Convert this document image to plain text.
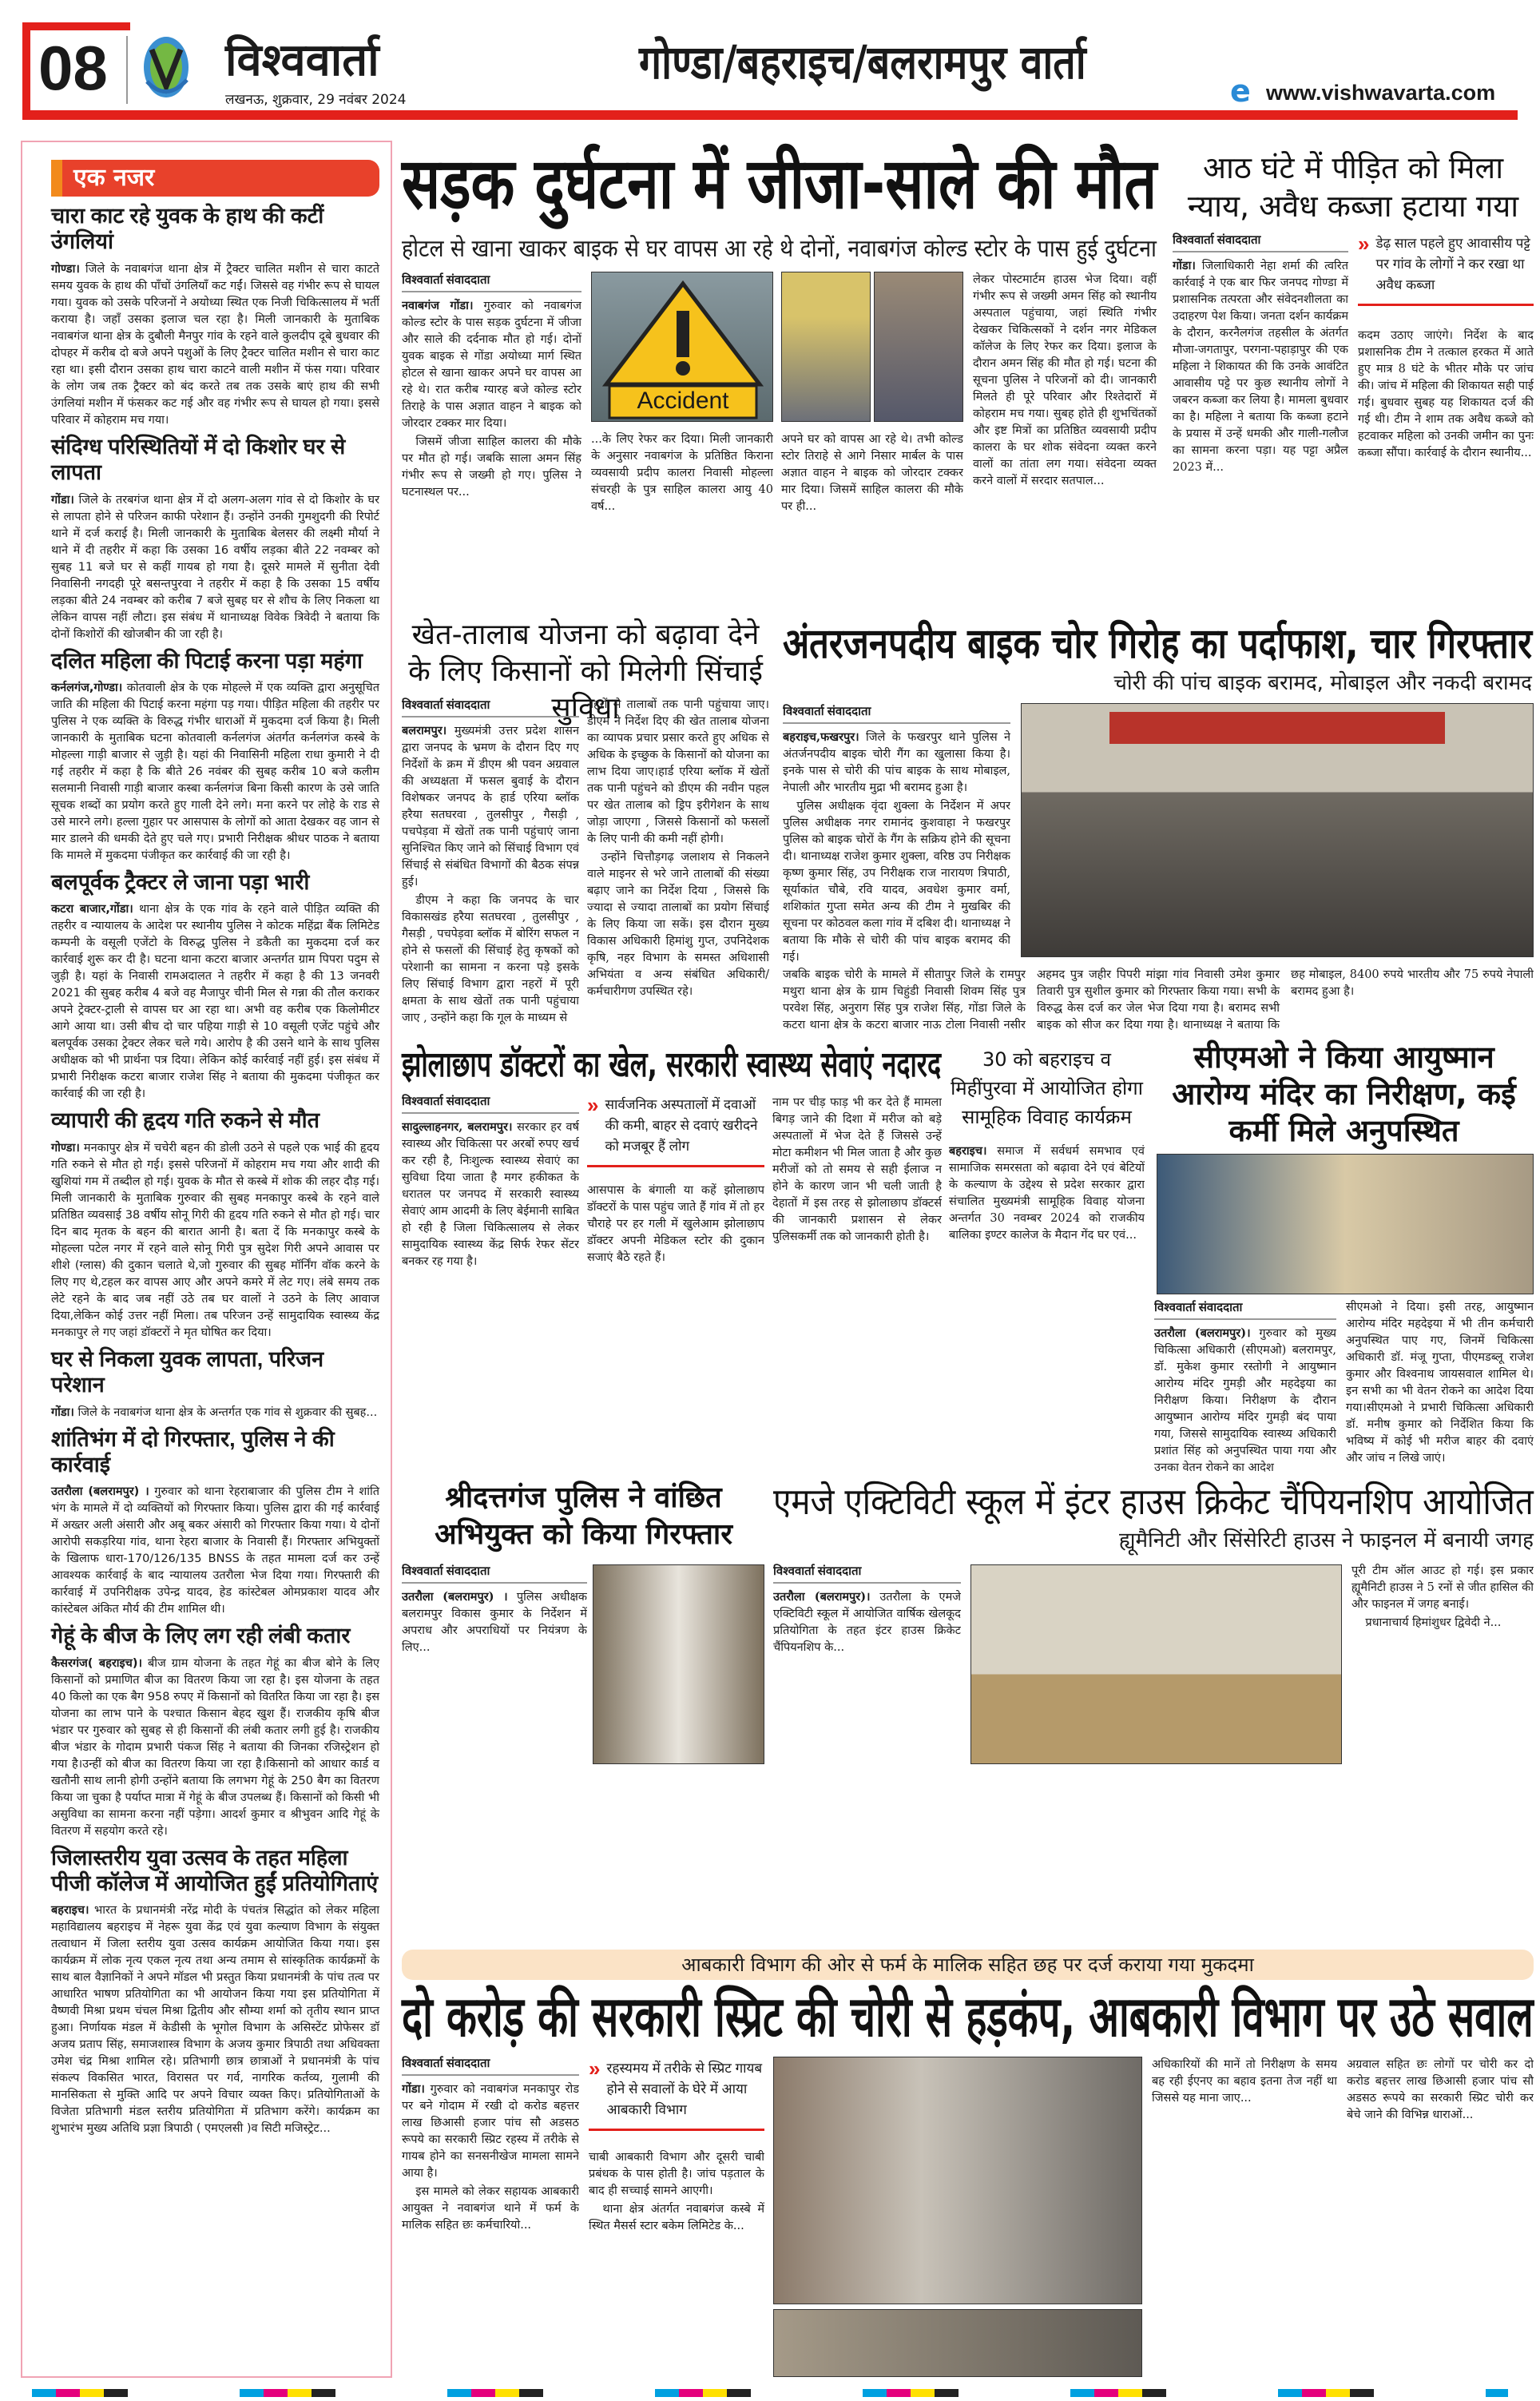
08	विश्ववार्ता
लखनऊ, शुक्रवार, 29 नवंबर 2024
गोण्डा/बहराइच/बलरामपुर वार्ता
e www.vishwavarta.com
एक नजर
चारा काट रहे युवक के हाथ की कटीं उंगलियां
गोण्डा। जिले के नवाबगंज थाना क्षेत्र में ट्रैक्टर चालित मशीन से चारा काटते समय युवक के हाथ की पाँचों उंगलियाँ कट गईं। जिससे वह गंभीर रूप से घायल गया। युवक को उसके परिजनों ने अयोध्या स्थित एक निजी चिकित्सालय में भर्ती कराया है। जहाँ उसका इलाज चल रहा है। मिली जानकारी के मुताबिक नवाबगंज थाना क्षेत्र के दुबौली मैनपुर गांव के रहने वाले कुलदीप दूबे बुधवार की दोपहर में करीब दो बजे अपने पशुओं के लिए ट्रैक्टर चालित मशीन से चारा काट रहा था। इसी दौरान उसका हाथ चारा काटने वाली मशीन में फंस गया। परिवार के लोग जब तक ट्रैक्टर को बंद करते तब तक उसके बाएं हाथ की सभी उंगलियां मशीन में फंसकर कट गई और वह गंभीर रूप से घायल हो गया। इससे परिवार में कोहराम मच गया।
संदिग्ध परिस्थितियों में दो किशोर घर से लापता
गोंडा। जिले के तरबगंज थाना क्षेत्र में दो अलग-अलग गांव से दो किशोर के घर से लापता होने से परिजन काफी परेशान हैं। उन्होंने उनकी गुमशुदगी की रिपोर्ट थाने में दर्ज कराई है। मिली जानकारी के मुताबिक बेलसर की लक्ष्मी मौर्या ने थाने में दी तहरीर में कहा कि उसका 16 वर्षीय लड़का बीते 22 नवम्बर को सुबह 11 बजे घर से कहीं गायब हो गया है। दूसरे मामले में सुनीता देवी निवासिनी नगदही पूरे बसन्तपुरवा ने तहरीर में कहा है कि उसका 15 वर्षीय लड़का बीते 24 नवम्बर को करीब 7 बजे सुबह घर से शौच के लिए निकला था लेकिन वापस नहीं लौटा। इस संबंध में थानाध्यक्ष विवेक त्रिवेदी ने बताया कि दोनों किशोरों की खोजबीन की जा रही है।
दलित महिला की पिटाई करना पड़ा महंगा
कर्नलगंज,गोण्डा। कोतवाली क्षेत्र के एक मोहल्ले में एक व्यक्ति द्वारा अनुसूचित जाति की महिला की पिटाई करना महंगा पड़ गया। पीड़ित महिला की तहरीर पर पुलिस ने एक व्यक्ति के विरुद्ध गंभीर धाराओं में मुकदमा दर्ज किया है। मिली जानकारी के मुताबिक घटना कोतवाली कर्नलगंज अंतर्गत कर्नलगंज कस्बे के मोहल्ला गाड़ी बाजार से जुड़ी है। यहां की निवासिनी महिला राधा कुमारी ने दी गई तहरीर में कहा है कि बीते 26 नवंबर की सुबह करीब 10 बजे कलीम सलमानी निवासी गाड़ी बाजार कस्बा कर्नलगंज बिना किसी कारण के उसे जाति सूचक शब्दों का प्रयोग करते हुए गाली देने लगे। मना करने पर लोहे के राड से उसे मारने लगे। हल्ला गुहार पर आसपास के लोगों को आता देखकर वह जान से मार डालने की धमकी देते हुए चले गए। प्रभारी निरीक्षक श्रीधर पाठक ने बताया कि मामले में मुकदमा पंजीकृत कर कार्रवाई की जा रही है।
बलपूर्वक ट्रैक्टर ले जाना पड़ा भारी
कटरा बाजार,गोंडा। थाना क्षेत्र के एक गांव के रहने वाले पीड़ित व्यक्ति की तहरीर व न्यायालय के आदेश पर स्थानीय पुलिस ने कोटक महिंद्रा बैंक लिमिटेड कम्पनी के वसूली एजेंटो के विरुद्ध पुलिस ने डकैती का मुकदमा दर्ज कर कार्रवाई शुरू कर दी है। घटना थाना कटरा बाजार अन्तर्गत ग्राम पिपरा पदुम से जुड़ी है। यहां के निवासी रामअदालत ने तहरीर में कहा है की 13 जनवरी 2021 की सुबह करीब 4 बजे वह मैजापुर चीनी मिल से गन्ना की तौल कराकर अपने ट्रेक्टर-ट्राली से वापस घर आ रहा था। अभी वह करीब एक किलोमीटर आगे आया था। उसी बीच दो चार पहिया गाड़ी से 10 वसूली एजेंट पहुंचे और बलपूर्वक उसका ट्रेक्टर लेकर चले गये। आरोप है की उसने थाने के साथ पुलिस अधीक्षक को भी प्रार्थना पत्र दिया। लेकिन कोई कार्रवाई नहीं हुई। इस संबंध में प्रभारी निरीक्षक कटरा बाजार राजेश सिंह ने बताया की मुकदमा पंजीकृत कर कार्रवाई की जा रही है।
व्यापारी की हृदय गति रुकने से मौत
गोण्डा। मनकापुर क्षेत्र में चचेरी बहन की डोली उठने से पहले एक भाई की हृदय गति रुकने से मौत हो गई। इससे परिजनों में कोहराम मच गया और शादी की खुशियां गम में तब्दील हो गई। युवक के मौत से कस्बे में शोक की लहर दौड़ गई। मिली जानकारी के मुताबिक गुरुवार की सुबह मनकापुर कस्बे के रहने वाले प्रतिष्ठित व्यवसाई 38 वर्षीय सोनू गिरी की हृदय गति रुकने से मौत हो गई। चार दिन बाद मृतक के बहन की बारात आनी है। बता दें कि मनकापुर कस्बे के मोहल्ला पटेल नगर में रहने वाले सोनू गिरी पुत्र सुदेश गिरी अपने आवास पर शीशे (ग्लास) की दुकान चलाते थे,जो गुरुवार की सुबह मॉर्निंग वॉक करने के लिए गए थे,टहल कर वापस आए और अपने कमरे में लेट गए। लंबे समय तक लेटे रहने के बाद जब नहीं उठे तब घर वालों ने उठने के लिए आवाज दिया,लेकिन कोई उत्तर नहीं मिला। तब परिजन उन्हें सामुदायिक स्वास्थ्य केंद्र मनकापुर ले गए जहां डॉक्टरों ने मृत घोषित कर दिया।
घर से निकला युवक लापता, परिजन परेशान
गोंडा। जिले के नवाबगंज थाना क्षेत्र के अन्तर्गत एक गांव से शुक्रवार की सुबह...
शांतिभंग में दो गिरफ्तार, पुलिस ने की कार्रवाई
उतरौला (बलरामपुर) । गुरुवार को थाना रेहराबाजार की पुलिस टीम ने शांति भंग के मामले में दो व्यक्तियों को गिरफ्तार किया। पुलिस द्वारा की गई कार्रवाई में अख्तर अली अंसारी और अबू बकर अंसारी को गिरफ्तार किया गया। ये दोनों आरोपी सकड़रिया गांव, थाना रेहरा बाजार के निवासी हैं। गिरफ्तार अभियुक्तों के खिलाफ धारा-170/126/135 BNSS के तहत मामला दर्ज कर उन्हें आवश्यक कार्रवाई के बाद न्यायालय उतरौला भेज दिया गया। गिरफ्तारी की कार्रवाई में उपनिरीक्षक उपेन्द्र यादव, हेड कांस्टेबल ओमप्रकाश यादव और कांस्टेबल अंकित मौर्य की टीम शामिल थी।
गेहूं के बीज के लिए लग रही लंबी कतार
कैसरगंज( बहराइच)। बीज ग्राम योजना के तहत गेहूं का बीज बोने के लिए किसानों को प्रमाणित बीज का वितरण किया जा रहा है। इस योजना के तहत 40 किलो का एक बैग 958 रुपए में किसानों को वितरित किया जा रहा है। इस योजना का लाभ पाने के पश्चात किसान बेहद खुश हैं। राजकीय कृषि बीज भंडार पर गुरुवार को सुबह से ही किसानों की लंबी कतार लगी हुई है। राजकीय बीज भंडार के गोदाम प्रभारी पंकज सिंह ने बताया की जिनका रजिस्ट्रेशन हो गया है।उन्हीं को बीज का वितरण किया जा रहा है।किसानो को आधार कार्ड व खतौनी साथ लानी होगी उन्होंने बताया कि लगभग गेहूं के 250 बैग का वितरण किया जा चुका है पर्याप्त मात्रा में गेहूं के बीज उपलब्ध हैं। किसानों को किसी भी असुविधा का सामना करना नहीं पड़ेगा। आदर्श कुमार व श्रीभुवन आदि गेहूं के वितरण में सहयोग करते रहे।
जिलास्तरीय युवा उत्सव के तहत महिला पीजी कॉलेज में आयोजित हुईं प्रतियोगिताएं
बहराइच। भारत के प्रधानमंत्री नरेंद्र मोदी के पंचतंत्र सिद्धांत को लेकर महिला महाविद्यालय बहराइच में नेहरू युवा केंद्र एवं युवा कल्याण विभाग के संयुक्त तत्वाधान में जिला स्तरीय युवा उत्सव कार्यक्रम आयोजित किया गया। इस कार्यक्रम में लोक नृत्य एकल नृत्य तथा अन्य तमाम से सांस्कृतिक कार्यक्रमों के साथ बाल वैज्ञानिकों ने अपने मॉडल भी प्रस्तुत किया प्रधानमंत्री के पांच तत्व पर आधारित भाषण प्रतियोगिता का भी आयोजन किया गया इस प्रतियोगिता में वैष्णवी मिश्रा प्रथम चंचल मिश्रा द्वितीय और सौम्या शर्मा को तृतीय स्थान प्राप्त हुआ। निर्णायक मंडल में केडीसी के भूगोल विभाग के असिस्टेंट प्रोफेसर डॉ अजय प्रताप सिंह, समाजशास्त्र विभाग के अजय कुमार त्रिपाठी तथा अधिवक्ता उमेश चंद्र मिश्रा शामिल रहे। प्रतिभागी छात्र छात्राओं ने प्रधानमंत्री के पांच संकल्प विकसित भारत, विरासत पर गर्व, नागरिक कर्तव्य, गुलामी की मानसिकता से मुक्ति आदि पर अपने विचार व्यक्त किए। प्रतियोगिताओं के विजेता प्रतिभागी मंडल स्तरीय प्रतियोगिता में प्रतिभाग करेंगे। कार्यक्रम का शुभारंभ मुख्य अतिथि प्रज्ञा त्रिपाठी ( एमएलसी )व सिटी मजिस्ट्रेट...
सड़क दुर्घटना में जीजा-साले की मौत
होटल से खाना खाकर बाइक से घर वापस आ रहे थे दोनों, नवाबगंज कोल्ड स्टोर के पास हुई दुर्घटना
विश्ववार्ता संवाददाता

नवाबगंज गोंडा। गुरुवार को नवाबगंज कोल्ड स्टोर के पास सड़क दुर्घटना में जीजा और साले की दर्दनाक मौत हो गई। दोनों युवक बाइक से गोंडा अयोध्या मार्ग स्थित होटल से खाना खाकर अपने घर वापस आ रहे थे। रात करीब ग्यारह बजे कोल्ड स्टोर तिराहे के पास अज्ञात वाहन ने बाइक को जोरदार टक्कर मार दिया।

जिसमें जीजा साहिल कालरा की मौके पर मौत हो गई। जबकि साला अमन सिंह गंभीर रूप से जख्मी हो गए। पुलिस ने घटनास्थल पर...

Accident

...के लिए रेफर कर दिया। मिली जानकारी के अनुसार नवाबगंज के प्रतिष्ठित किराना व्यवसायी प्रदीप कालरा निवासी मोहल्ला संचरही के पुत्र साहिल कालरा आयु 40 वर्ष...

अपने घर को वापस आ रहे थे। तभी कोल्ड स्टोर तिराहे से आगे निसार मार्बल के पास अज्ञात वाहन ने बाइक को जोरदार टक्कर मार दिया। जिसमें साहिल कालरा की मौके पर ही...

लेकर पोस्टमार्टम हाउस भेज दिया। वहीं गंभीर रूप से जख्मी अमन सिंह को स्थानीय अस्पताल पहुंचाया, जहां स्थिति गंभीर देखकर चिकित्सकों ने दर्शन नगर मेडिकल कॉलेज के लिए रेफर कर दिया। इलाज के दौरान अमन सिंह की मौत हो गई। घटना की सूचना पुलिस ने परिजनों को दी। जानकारी मिलते ही पूरे परिवार और रिश्तेदारों में कोहराम मच गया। सुबह होते ही शुभचिंतकों और इष्ट मित्रों का प्रतिष्ठित व्यवसायी प्रदीप कालरा के घर शोक संवेदना व्यक्त करने वालों का तांता लग गया। संवेदना व्यक्त करने वालों में सरदार सतपाल...

आठ घंटे में पीड़ित को मिला न्याय, अवैध कब्जा हटाया गया
विश्ववार्ता संवाददाता

गोंडा। जिलाधिकारी नेहा शर्मा की त्वरित कार्रवाई ने एक बार फिर जनपद गोण्डा में प्रशासनिक तत्परता और संवेदनशीलता का उदाहरण पेश किया। जनता दर्शन कार्यक्रम के दौरान, करनैलगंज तहसील के अंतर्गत मौजा-जगतापुर, परगना-पहाड़ापुर की एक महिला ने शिकायत की कि उनके आवंटित आवासीय पट्टे पर कुछ स्थानीय लोगों ने जबरन कब्जा कर लिया है। मामला बुधवार का है। महिला ने बताया कि कब्जा हटाने के प्रयास में उन्हें धमकी और गाली-गलौज का सामना करना पड़ा। यह पट्टा अप्रैल 2023 में...

» डेढ़ साल पहले हुए आवासीय पट्टे पर गांव के लोगों ने कर रखा था अवैध कब्जा

कदम उठाए जाएंगे। निर्देश के बाद प्रशासनिक टीम ने तत्काल हरकत में आते हुए मात्र 8 घंटे के भीतर मौके पर जांच की। जांच में महिला की शिकायत सही पाई गई। बुधवार सुबह यह शिकायत दर्ज की गई थी। टीम ने शाम तक अवैध कब्जे को हटवाकर महिला को उनकी जमीन का पुनः कब्जा सौंपा। कार्रवाई के दौरान स्थानीय...

खेत-तालाब योजना को बढ़ावा देने के लिए किसानों को मिलेगी सिंचाई सुविधा
विश्ववार्ता संवाददाता

बलरामपुर। मुख्यमंत्री उत्तर प्रदेश शासन द्वारा जनपद के भ्रमण के दौरान दिए गए निर्देशों के क्रम में डीएम श्री पवन अग्रवाल की अध्यक्षता में फसल बुवाई के दौरान विशेषकर जनपद के हार्ड एरिया ब्लॉक हरैया सतघरवा , तुलसीपुर , गैसड़ी , पचपेड़वा में खेतों तक पानी पहुंचाएं जाना सुनिश्चित किए जाने को सिंचाई विभाग एवं सिंचाई से संबंधित विभागों की बैठक संपन्न हुई।

डीएम ने कहा कि जनपद के चार विकासखंड हरैया सतघरवा , तुलसीपुर , गैसड़ी , पचपेड़वा ब्लॉक में बोरिंग सफल न होने से फसलों की सिंचाई हेतु कृषकों को परेशानी का सामना न करना पड़े इसके लिए सिंचाई विभाग द्वारा नहरों में पूरी क्षमता के साथ खेतों तक पानी पहुंचाया जाए , उन्होंने कहा कि गूल के माध्यम से

नहरों से तालाबों तक पानी पहुंचाया जाए। डीएम ने निर्देश दिए की खेत तालाब योजना का व्यापक प्रचार प्रसार करते हुए अधिक से अधिक के इच्छुक के किसानों को योजना का लाभ दिया जाए।हार्ड एरिया ब्लॉक में खेतों तक पानी पहुंचने को डीएम की नवीन पहल पर खेत तालाब को ड्रिप इरीगेशन के साथ जोड़ा जाएगा , जिससे किसानों को फसलों के लिए पानी की कमी नहीं होगी।

उन्होंने चित्तौड़गढ़ जलाशय से निकलने वाले माइनर से भरे जाने तालाबों की संख्या बढ़ाए जाने का निर्देश दिया , जिससे कि ज्यादा से ज्यादा तालाबों का प्रयोग सिंचाई के लिए किया जा सकें। इस दौरान मुख्य विकास अधिकारी हिमांशु गुप्त, उपनिदेशक कृषि, नहर विभाग के समस्त अधिशासी अभियंता व अन्य संबंधित अधिकारी/ कर्मचारीगण उपस्थित रहे।

अंतरजनपदीय बाइक चोर गिरोह का पर्दाफाश, चार गिरफ्तार
चोरी की पांच बाइक बरामद, मोबाइल और नकदी बरामद
विश्ववार्ता संवाददाता

बहराइच,फखरपुर। जिले के फखरपुर थाने पुलिस ने अंतर्जनपदीय बाइक चोरी गैंग का खुलासा किया है। इनके पास से चोरी की पांच बाइक के साथ मोबाइल, नेपाली और भारतीय मुद्रा भी बरामद हुआ है।

पुलिस अधीक्षक वृंदा शुक्ला के निर्देशन में अपर पुलिस अधीक्षक नगर रामानंद कुशवाहा ने फखरपुर पुलिस को बाइक चोरों के गैंग के सक्रिय होने की सूचना दी। थानाध्यक्ष राजेश कुमार शुक्ला, वरिष्ठ उप निरीक्षक कृष्ण कुमार सिंह, उप निरीक्षक राज नारायण त्रिपाठी, सूर्याकांत चौबे, रवि यादव, अवधेश कुमार वर्मा, शशिकांत गुप्ता समेत अन्य की टीम ने मुखबिर की सूचना पर कोठवल कला गांव में दबिश दी। थानाध्यक्ष ने बताया कि मौके से चोरी की पांच बाइक बरामद की गई।

जबकि बाइक चोरी के मामले में सीतापुर जिले के रामपुर मथुरा थाना क्षेत्र के ग्राम चिहुंडी निवासी शिवम सिंह पुत्र परवेश सिंह, अनुराग सिंह पुत्र राजेश सिंह, गोंडा जिले के कटरा थाना क्षेत्र के कटरा बाजार नाऊ टोला निवासी नसीर अहमद पुत्र जहीर पिपरी मांझा गांव निवासी उमेश कुमार तिवारी पुत्र सुशील कुमार को गिरफ्तार किया गया। सभी के विरुद्ध केस दर्ज कर जेल भेज दिया गया है। बरामद सभी बाइक को सीज कर दिया गया है। थानाध्यक्ष ने बताया कि छह मोबाइल, 8400 रुपये भारतीय और 75 रुपये नेपाली बरामद हुआ है।

झोलाछाप डॉक्टरों का खेल, सरकारी स्वास्थ्य सेवाएं नदारद
विश्ववार्ता संवाददाता

सादुल्लाहनगर, बलरामपुर। सरकार हर वर्ष स्वास्थ्य और चिकित्सा पर अरबों रुपए खर्च कर रही है, निःशुल्क स्वास्थ्य सेवाएं का सुविधा दिया जाता है मगर हकीकत के धरातल पर जनपद में सरकारी स्वास्थ्य सेवाएं आम आदमी के लिए बेईमानी साबित हो रही है जिला चिकित्सालय से लेकर सामुदायिक स्वास्थ्य केंद्र सिर्फ रेफर सेंटर बनकर रह गया है।

» सार्वजनिक अस्पतालों में दवाओं की कमी, बाहर से दवाएं खरीदने को मजबूर हैं लोग

आसपास के बंगाली या कहें झोलाछाप डॉक्टरों के पास पहुंच जाते हैं गांव में तो हर चौराहे पर हर गली में खुलेआम झोलाछाप डॉक्टर अपनी मेडिकल स्टोर की दुकान सजाएं बैठे रहते हैं।

नाम पर चीड़ फाड़ भी कर देते हैं मामला बिगड़ जाने की दिशा में मरीज को बड़े अस्पतालों में भेज देते हैं जिससे उन्हें मोटा कमीशन भी मिल जाता है और कुछ मरीजों को तो समय से सही ईलाज न होने के कारण जान भी चली जाती है देहातों में इस तरह से झोलाछाप डॉक्टर्स की जानकारी प्रशासन से लेकर पुलिसकर्मी तक को जानकारी होती है।

30 को बहराइच व मिहींपुरवा में आयोजित होगा सामूहिक विवाह कार्यक्रम

बहराइच। समाज में सर्वधर्म समभाव एवं सामाजिक समरसता को बढ़ावा देने एवं बेटियों के कल्याण के उद्देश्य से प्रदेश सरकार द्वारा संचालित मुख्यमंत्री सामूहिक विवाह योजना अन्तर्गत 30 नवम्बर 2024 को राजकीय बालिका इण्टर कालेज के मैदान गेंद घर एवं...

सीएमओ ने किया आयुष्मान आरोग्य मंदिर का निरीक्षण, कई कर्मी मिले अनुपस्थित
विश्ववार्ता संवाददाता

उतरौला (बलरामपुर)। गुरुवार को मुख्य चिकित्सा अधिकारी (सीएमओ) बलरामपुर, डॉ. मुकेश कुमार रस्तोगी ने आयुष्मान आरोग्य मंदिर गुमड़ी और महदेइया का निरीक्षण किया। निरीक्षण के दौरान आयुष्मान आरोग्य मंदिर गुमड़ी बंद पाया गया, जिससे सामुदायिक स्वास्थ्य अधिकारी प्रशांत सिंह को अनुपस्थित पाया गया और उनका वेतन रोकने का आदेश

सीएमओ ने दिया। इसी तरह, आयुष्मान आरोग्य मंदिर महदेइया में भी तीन कर्मचारी अनुपस्थित पाए गए, जिनमें चिकित्सा अधिकारी डॉ. मंजू गुप्ता, पीएमडब्लू राजेश कुमार और विश्वनाथ जायसवाल शामिल थे। इन सभी का भी वेतन रोकने का आदेश दिया गया।सीएमओ ने प्रभारी चिकित्सा अधिकारी डॉ. मनीष कुमार को निर्देशित किया कि भविष्य में कोई भी मरीज बाहर की दवाएं और जांच न लिखे जाएं।

श्रीदत्तगंज पुलिस ने वांछित अभियुक्त को किया गिरफ्तार
विश्ववार्ता संवाददाता

उतरौला (बलरामपुर) । पुलिस अधीक्षक बलरामपुर विकास कुमार के निर्देशन में अपराध और अपराधियों पर नियंत्रण के लिए...

एमजे एक्टिविटी स्कूल में इंटर हाउस क्रिकेट चैंपियनशिप आयोजित
ह्यूमैनिटी और सिंसेरिटी हाउस ने फाइनल में बनायी जगह
विश्ववार्ता संवाददाता

उतरौला (बलरामपुर)। उतरौला के एमजे एक्टिविटी स्कूल में आयोजित वार्षिक खेलकूद प्रतियोगिता के तहत इंटर हाउस क्रिकेट चैंपियनशिप के...

पूरी टीम ऑल आउट हो गई। इस प्रकार ह्यूमैनिटी हाउस ने 5 रनों से जीत हासिल की और फाइनल में जगह बनाई।

प्रधानाचार्य हिमांशुधर द्विवेदी ने...

आबकारी विभाग की ओर से फर्म के मालिक सहित छह पर दर्ज कराया गया मुकदमा
दो करोड़ की सरकारी स्प्रिट की चोरी से हड़कंप, आबकारी विभाग पर उठे सवाल
विश्ववार्ता संवाददाता

गोंडा। गुरुवार को नवाबगंज मनकापुर रोड पर बने गोदाम में रखी दो करोड बहत्तर लाख छिआसी हजार पांच सौ अडसठ रूपये का सरकारी स्प्रिट रहस्य में तरीके से गायब होने का सनसनीखेज मामला सामने आया है।

इस मामले को लेकर सहायक आबकारी आयुक्त ने नवाबगंज थाने में फर्म के मालिक सहित छः कर्मचारियो...

» रहस्यमय में तरीके से स्प्रिट गायब होने से सवालों के घेरे में आया आबकारी विभाग

चाबी आबकारी विभाग और दूसरी चाबी प्रबंधक के पास होती है। जांच पड़ताल के बाद ही सच्चाई सामने आएगी।

थाना क्षेत्र अंतर्गत नवाबगंज कस्बे में स्थित मैसर्स स्टार बकेम लिमिटेड के...

अधिकारियों की मानें तो निरीक्षण के समय बह रही ईएनए का बहाव इतना तेज नहीं था जिससे यह माना जाए...

अग्रवाल सहित छः लोगों पर चोरी कर दो करोड बहत्तर लाख छिआसी हजार पांच सौ अडसठ रूपये का सरकारी स्प्रिट चोरी कर बेचे जाने की विभिन्न धाराओं...
